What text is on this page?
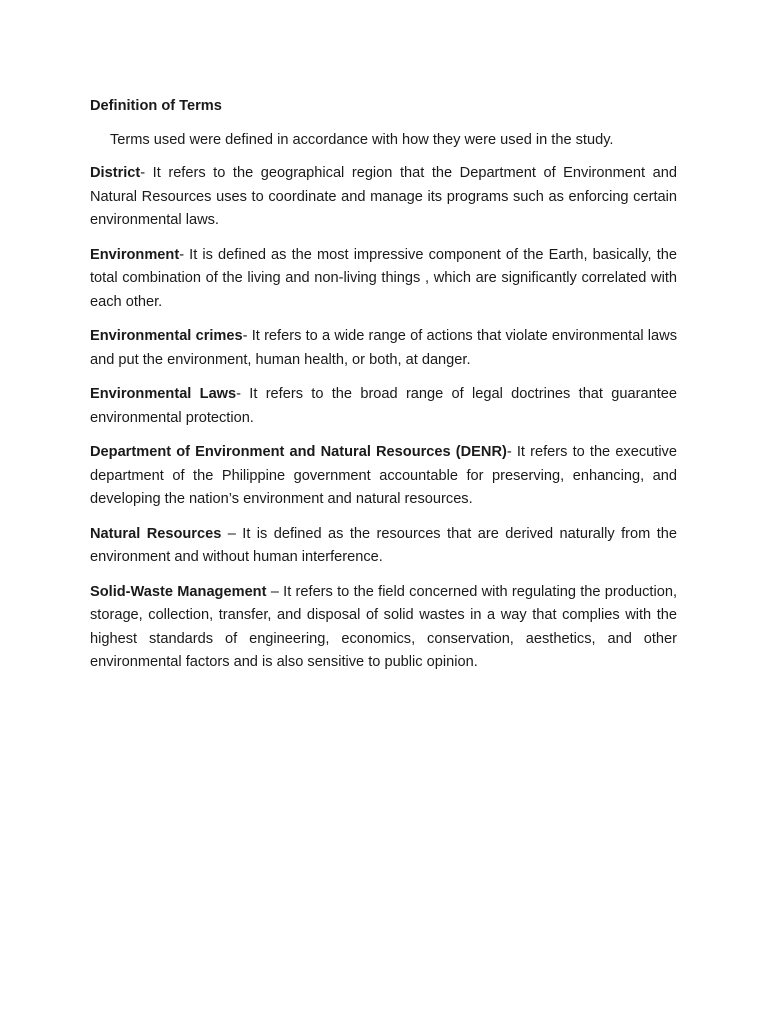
Definition of Terms
Terms used were defined in accordance with how they were used in the study.

District- It refers to the geographical region that the Department of Environment and Natural Resources uses to coordinate and manage its programs such as enforcing certain environmental laws.

Environment- It is defined as the most impressive component of the Earth, basically, the total combination of the living and non-living things , which are significantly correlated with each other.

Environmental crimes- It refers to a wide range of actions that violate environmental laws and put the environment, human health, or both, at danger.

Environmental Laws- It refers to the broad range of legal doctrines that guarantee environmental protection.

Department of Environment and Natural Resources (DENR)- It refers to the executive department of the Philippine government accountable for preserving, enhancing, and developing the nation’s environment and natural resources.

Natural Resources – It is defined as the resources that are derived naturally from the environment and without human interference.

Solid-Waste Management – It refers to the field concerned with regulating the production, storage, collection, transfer, and disposal of solid wastes in a way that complies with the highest standards of engineering, economics, conservation, aesthetics, and other environmental factors and is also sensitive to public opinion.
